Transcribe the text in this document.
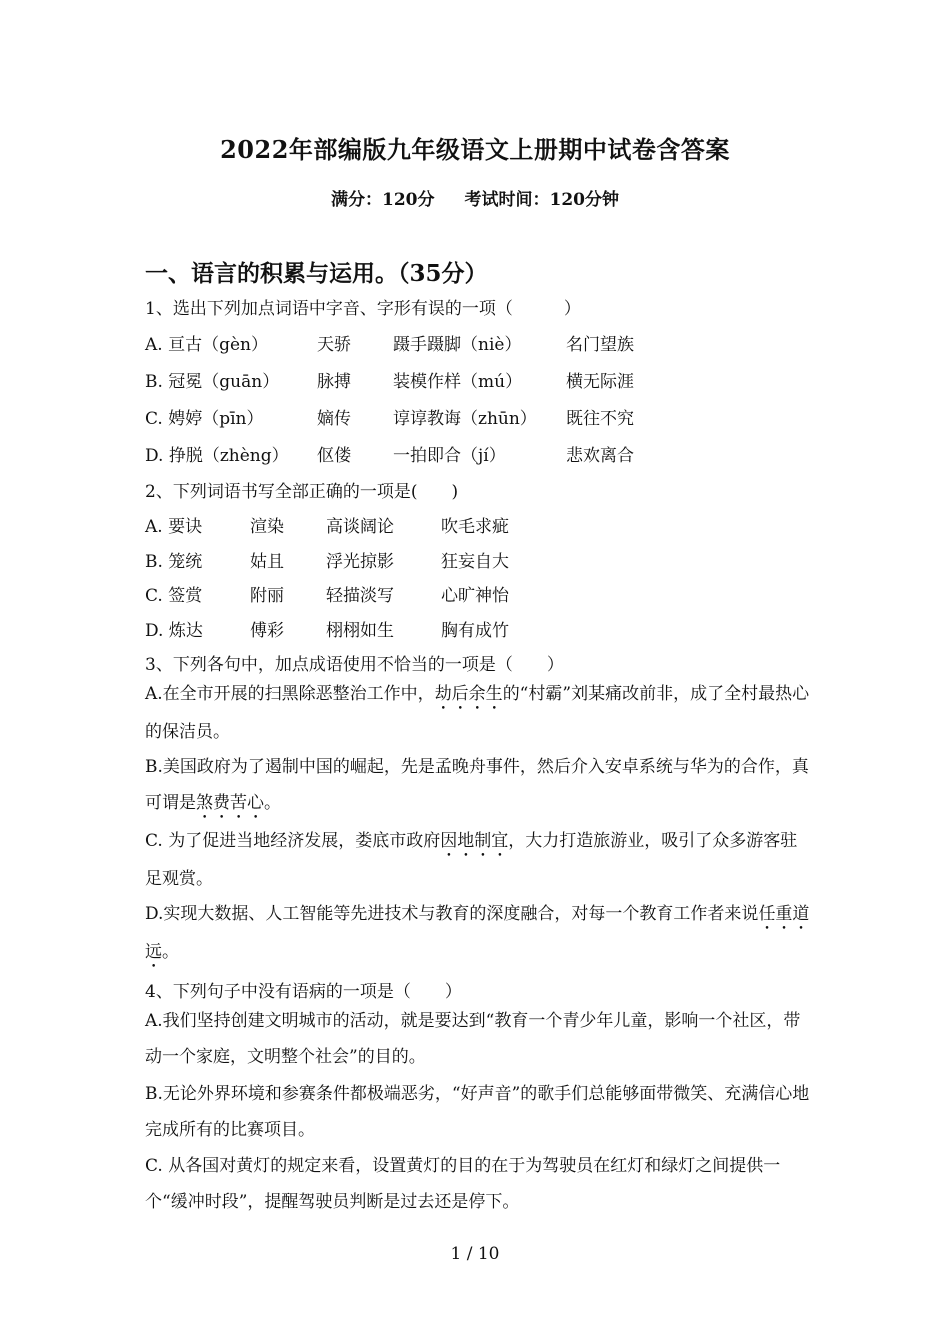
2022年部编版九年级语文上册期中试卷含答案
满分：120分 考试时间：120分钟
一、语言的积累与运用。（35分）
1、选出下列加点词语中字音、字形有误的一项（　　　）
A. 亘古（gèn）	天骄 蹑手蹑脚（niè）	名门望族
B. 冠冕（guān） 脉搏 装模作样（mú）	横无际涯
C. 娉婷（pīn）	嫡传 谆谆教诲（zhūn） 既往不究
D. 挣脱（zhèng） 伛偻 一拍即合（jí）	悲欢离合
2、下列词语书写全部正确的一项是(　　)
A. 要诀	渲染 高谈阔论	吹毛求疵
B. 笼统	姑且 浮光掠影	狂妄自大
C. 签赏	附丽 轻描淡写	心旷神怡
D. 炼达	傅彩 栩栩如生	胸有成竹
3、下列各句中，加点成语使用不恰当的一项是（　　）
A.在全市开展的扫黑除恶整治工作中，劫后余生的“村霸”刘某痛改前非，成了全村最热心的保洁员。
B.美国政府为了遏制中国的崛起，先是孟晚舟事件，然后介入安卓系统与华为的合作，真可谓是煞费苦心。
C. 为了促进当地经济发展，娄底市政府因地制宜，大力打造旅游业，吸引了众多游客驻足观赏。
D.实现大数据、人工智能等先进技术与教育的深度融合，对每一个教育工作者来说任重道远。
4、下列句子中没有语病的一项是（　　）
A.我们坚持创建文明城市的活动，就是要达到“教育一个青少年儿童，影响一个社区，带动一个家庭，文明整个社会”的目的。
B.无论外界环境和参赛条件都极端恶劣，“好声音”的歌手们总能够面带微笑、充满信心地完成所有的比赛项目。
C. 从各国对黄灯的规定来看，设置黄灯的目的在于为驾驶员在红灯和绿灯之间提供一个“缓冲时段”，提醒驾驶员判断是过去还是停下。
1 / 10
